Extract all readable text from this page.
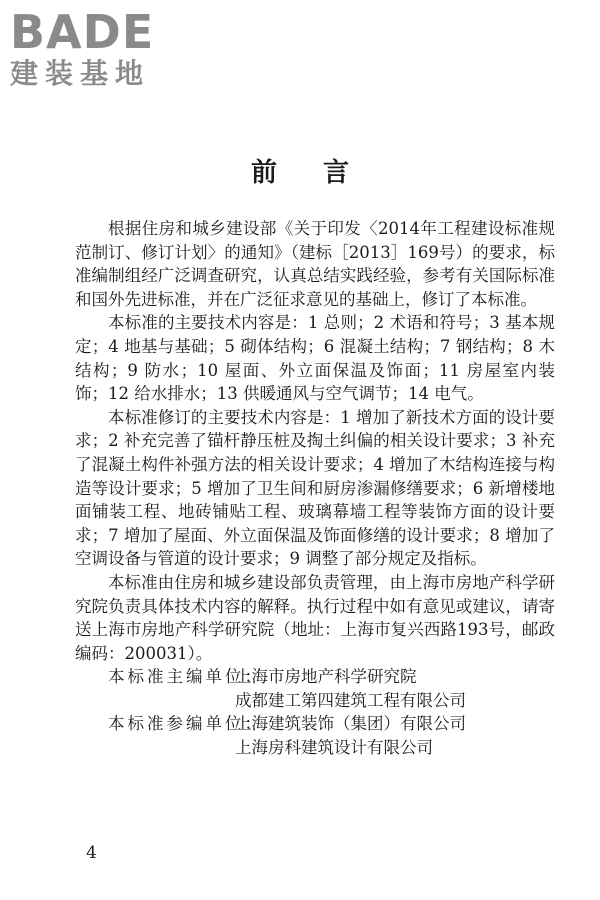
BADE
建装基地
前言

根据住房和城乡建设部《关于印发〈2014年工程建设标准规范制订、修订计划〉的通知》（建标［2013］169号）的要求，标准编制组经广泛调查研究，认真总结实践经验，参考有关国际标准和国外先进标准，并在广泛征求意见的基础上，修订了本标准。

本标准的主要技术内容是：1 总则；2 术语和符号；3 基本规定；4 地基与基础；5 砌体结构；6 混凝土结构；7 钢结构；8 木结构；9 防水；10 屋面、外立面保温及饰面；11 房屋室内装饰；12 给水排水；13 供暖通风与空气调节；14 电气。

本标准修订的主要技术内容是：1 增加了新技术方面的设计要求；2 补充完善了锚杆静压桩及掏土纠偏的相关设计要求；3 补充了混凝土构件补强方法的相关设计要求；4 增加了木结构连接与构造等设计要求；5 增加了卫生间和厨房渗漏修缮要求；6 新增楼地面铺装工程、地砖铺贴工程、玻璃幕墙工程等装饰方面的设计要求；7 增加了屋面、外立面保温及饰面修缮的设计要求；8 增加了空调设备与管道的设计要求；9 调整了部分规定及指标。

本标准由住房和城乡建设部负责管理，由上海市房地产科学研究院负责具体技术内容的解释。执行过程中如有意见或建议，请寄送上海市房地产科学研究院（地址：上海市复兴西路193号，邮政编码：200031）。

本标准主编单位：
上海市房地产科学研究院
成都建工第四建筑工程有限公司
本标准参编单位：
上海建筑装饰（集团）有限公司
上海房科建筑设计有限公司
4
